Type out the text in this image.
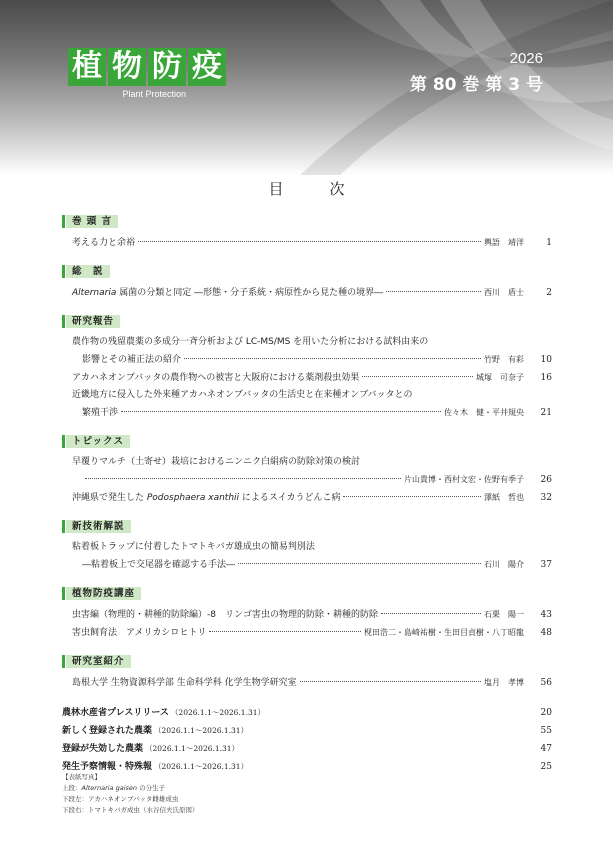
植 物 防 疫
Plant Protection
2026
第 80 巻 第 3 号
目次
巻 頭 言
考える力と余裕	輿語　靖洋	1
総　説
Alternaria 属菌の分類と同定 ―形態・分子系統・病原性から見た種の境界―	西川　盾士	2
研究報告
農作物の残留農薬の多成分一斉分析および LC-MS/MS を用いた分析における試料由来の
影響とその補正法の紹介	竹野　有彩	10
アカハネオンブバッタの農作物への被害と大阪府における薬剤殺虫効果	城塚　可奈子	16
近畿地方に侵入した外来種アカハネオンブバッタの生活史と在来種オンブバッタとの
繁殖干渉	佐々木　健・平井規央	21
トピックス
早覆りマルチ（土寄せ）栽培におけるニンニク白絹病の防除対策の検討
片山貴博・西村文宏・佐野有季子	26
沖縄県で発生した Podosphaera xanthii によるスイカうどんこ病	澤紙　哲也	32
新技術解説
粘着板トラップに付着したトマトキバガ雄成虫の簡易判別法
―粘着板上で交尾器を確認する手法―	石川　陽介	37
植物防疫講座
虫害編（物理的・耕種的防除編）-8　リンゴ害虫の物理的防除・耕種的防除	石栗　陽一	43
害虫飼育法　アメリカシロヒトリ	枧田浩二・島崎祐樹・生田目貞樹・八丁昭龍	48
研究室紹介
島根大学 生物資源科学部 生命科学科 化学生物学研究室	塩月　孝博	56
農林水産省プレスリリース （2026.1.1～2026.1.31）	20
新しく登録された農薬 （2026.1.1～2026.1.31）	55
登録が失効した農薬 （2026.1.1～2026.1.31）	47
発生予察情報・特殊報 （2026.1.1～2026.1.31）	25
【表紙写真】
上段：Alternaria gaisen の分生子
下段左：アカハネオンブバッタ雌雄成虫
下段右：トマトキバガ成虫（水谷信夫氏原図）
